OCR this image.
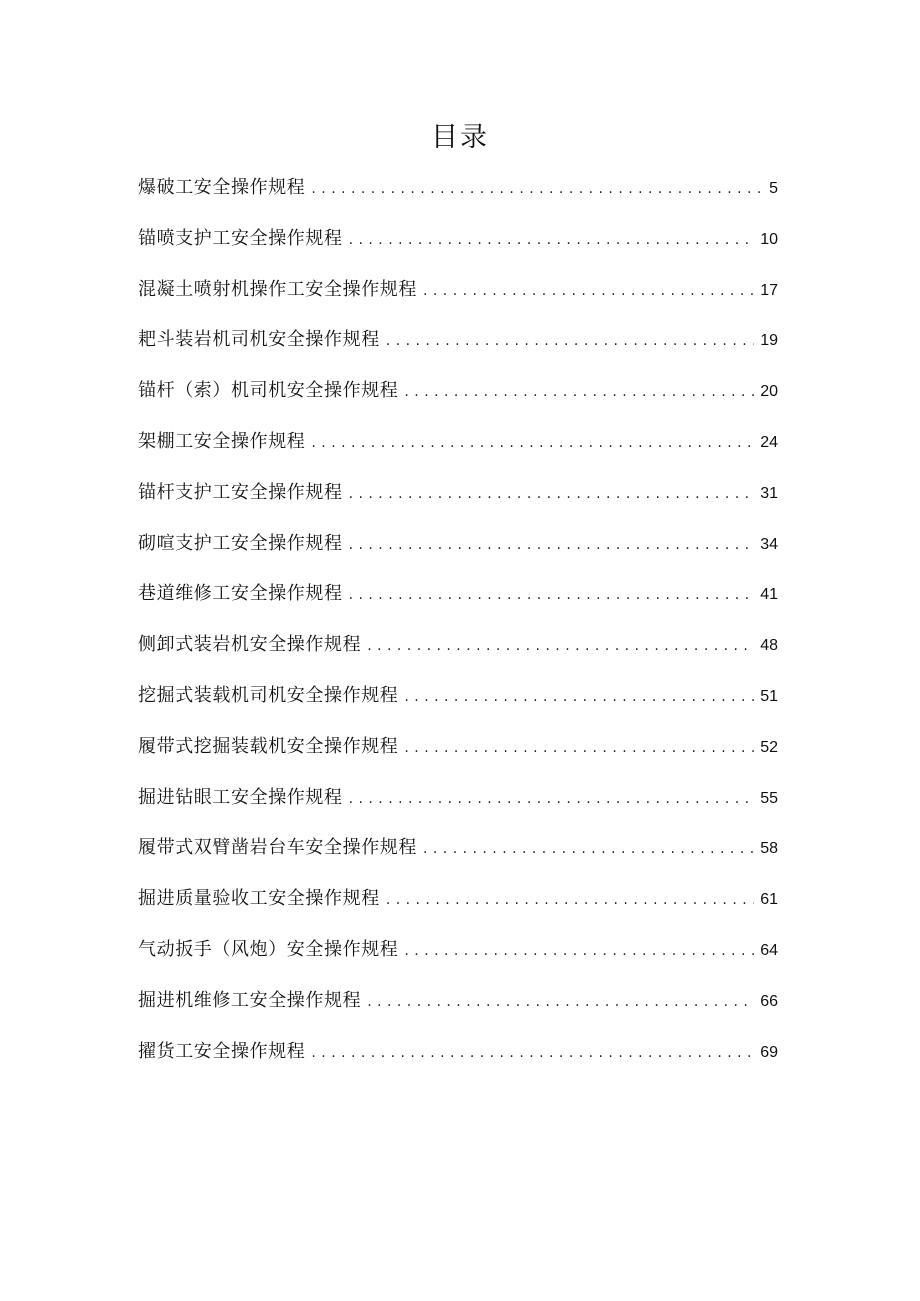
目录
爆破工安全操作规程 . . .	5
锚喷支护工安全操作规程 . . .	10
混凝土喷射机操作工安全操作规程 . . .	17
耙斗装岩机司机安全操作规程 . . .	19
锚杆（索）机司机安全操作规程 . . .	20
架棚工安全操作规程 . . .	24
锚杆支护工安全操作规程 . . .	31
砌喧支护工安全操作规程 . . .	34
巷道维修工安全操作规程 . . .	41
侧卸式装岩机安全操作规程 . . .	48
挖掘式装载机司机安全操作规程 . . .	51
履带式挖掘装载机安全操作规程 . . .	52
掘进钻眼工安全操作规程 . . .	55
履带式双臂凿岩台车安全操作规程 . . .	58
掘进质量验收工安全操作规程 . . .	61
气动扳手（风炮）安全操作规程 . . .	64
掘进机维修工安全操作规程 . . .	66
擢货工安全操作规程 . . .	69
